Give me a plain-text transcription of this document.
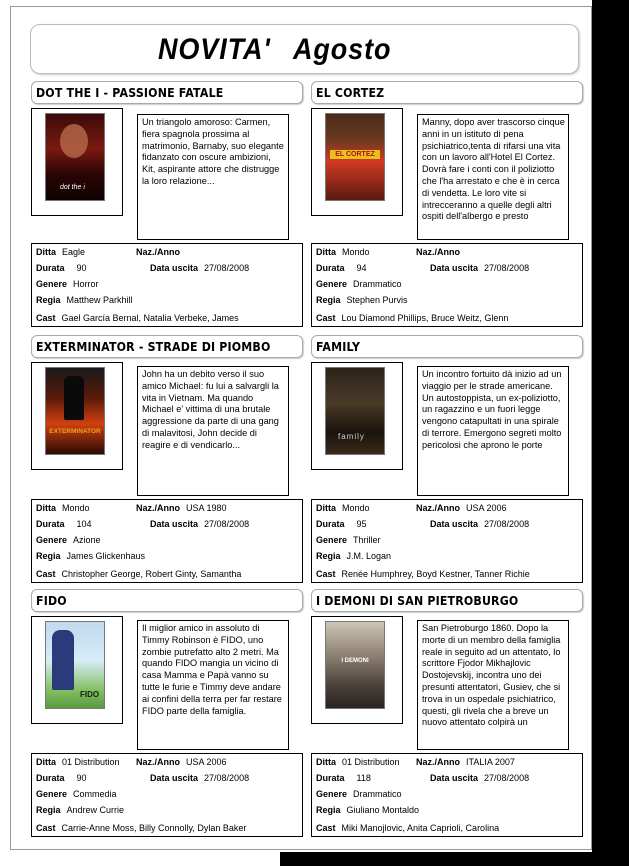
NOVITA' Agosto
DOT THE I - PASSIONE FATALE
dot the i
Un triangolo amoroso: Carmen, fiera spagnola prossima al matrimonio, Barnaby, suo elegante fidanzato con oscure ambizioni, Kit, aspirante attore che distrugge la loro relazione...
Ditta Eagle	Naz./Anno
Durata 90	Data uscita 27/08/2008
Genere Horror
Regia Matthew Parkhill
Cast Gael García Bernal, Natalia Verbeke, James
EL CORTEZ
EL CORTEZ
Manny, dopo aver trascorso cinque anni in un istituto di pena psichiatrico,tenta di rifarsi una vita con un lavoro all'Hotel El Cortez. Dovrà fare i conti con il poliziotto che l'ha arrestato e che è in cerca di vendetta. Le loro vite si intrecceranno a quelle degli altri ospiti dell'albergo e presto
Ditta Mondo	Naz./Anno
Durata 94	Data uscita 27/08/2008
Genere Drammatico
Regia Stephen Purvis
Cast Lou Diamond Phillips, Bruce Weitz, Glenn
EXTERMINATOR - STRADE DI PIOMBO
EXTERMINATOR
John ha un debito verso il suo amico Michael: fu lui a salvargli la vita in Vietnam. Ma quando Michael e' vittima di una brutale aggressione da parte di una gang di malavitosi, John decide di reagire e di vendicarlo...
Ditta Mondo	Naz./Anno USA 1980
Durata 104	Data uscita 27/08/2008
Genere Azione
Regia James Glickenhaus
Cast Christopher George, Robert Ginty, Samantha
FAMILY
family
Un incontro fortuito dà inizio ad un viaggio per le strade americane. Un autostoppista, un ex-poliziotto, un ragazzino e un fuori legge vengono catapultati in una spirale di terrore. Emergono segreti molto pericolosi che aprono le porte
Ditta Mondo	Naz./Anno USA 2006
Durata 95	Data uscita 27/08/2008
Genere Thriller
Regia J.M. Logan
Cast Renée Humphrey, Boyd Kestner, Tanner Richie
FIDO
FIDO
Il miglior amico in assoluto di Timmy Robinson è FIDO, uno zombie putrefatto alto 2 metri. Ma quando FIDO mangia un vicino di casa Mamma e Papà vanno su tutte le furie e Timmy deve andare ai confini della terra per far restare FIDO parte della famiglia.
Ditta 01 Distribution Naz./Anno USA 2006
Durata 90	Data uscita 27/08/2008
Genere Commedia
Regia Andrew Currie
Cast Carrie-Anne Moss, Billy Connolly, Dylan Baker
I DEMONI DI SAN PIETROBURGO
I DEMONI
San Pietroburgo 1860. Dopo la morte di un membro della famiglia reale in seguito ad un attentato, lo scrittore Fjodor Mikhajlovic Dostojevskij, incontra uno dei presunti attentatori, Gusiev, che si trova in un ospedale psichiatrico, questi, gli rivela che a breve un nuovo attentato colpirà un
Ditta 01 Distribution Naz./Anno ITALIA 2007
Durata 118	Data uscita 27/08/2008
Genere Drammatico
Regia Giuliano Montaldo
Cast Miki Manojlovic, Anita Caprioli, Carolina
